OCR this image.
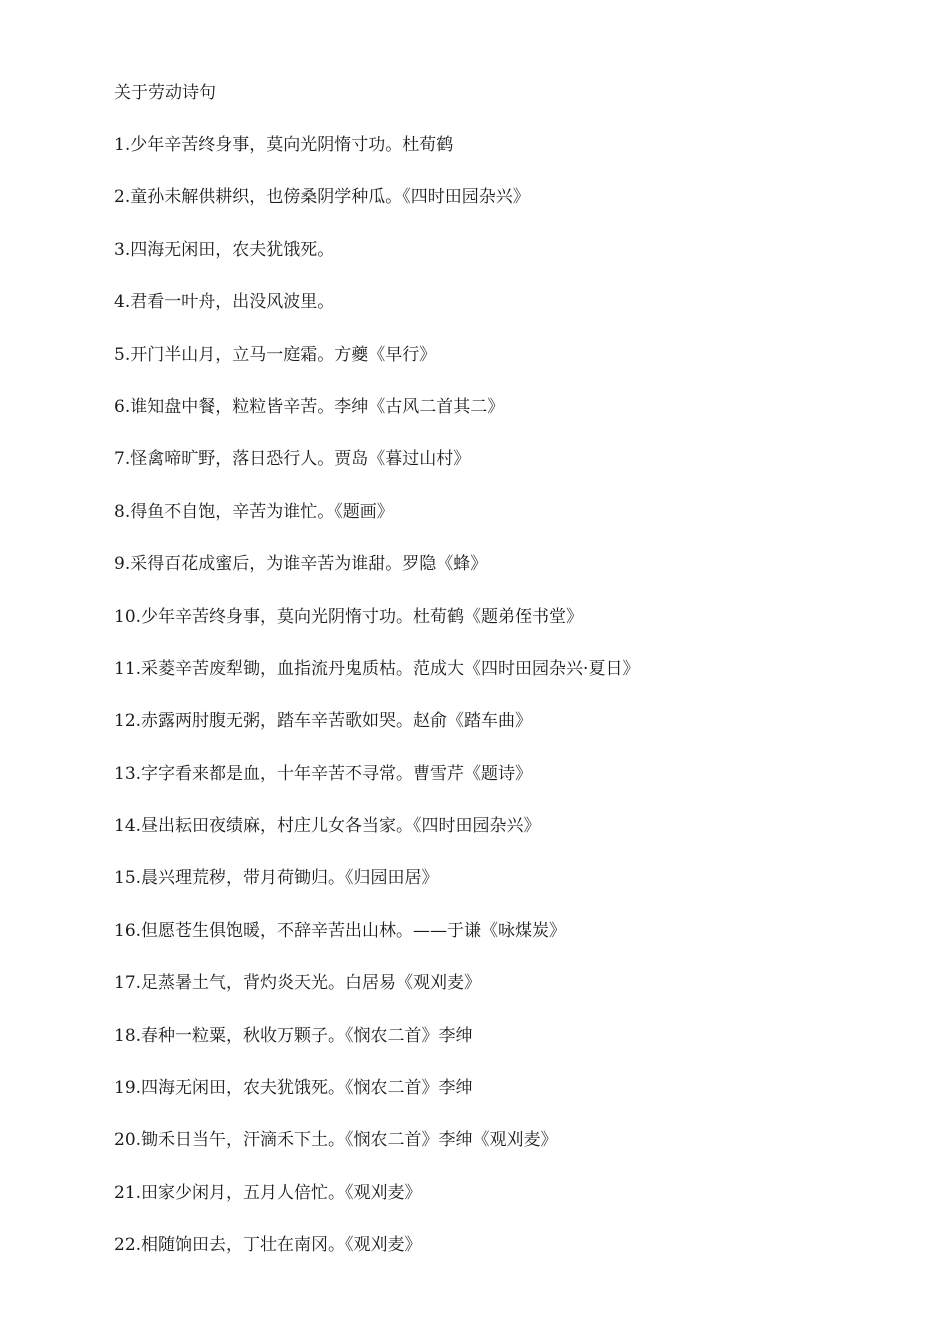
关于劳动诗句
1.少年辛苦终身事，莫向光阴惰寸功。杜荀鹤
2.童孙未解供耕织，也傍桑阴学种瓜。《四时田园杂兴》
3.四海无闲田，农夫犹饿死。
4.君看一叶舟，出没风波里。
5.开门半山月，立马一庭霜。方夔《早行》
6.谁知盘中餐，粒粒皆辛苦。李绅《古风二首其二》
7.怪禽啼旷野，落日恐行人。贾岛《暮过山村》
8.得鱼不自饱，辛苦为谁忙。《题画》
9.采得百花成蜜后，为谁辛苦为谁甜。罗隐《蜂》
10.少年辛苦终身事，莫向光阴惰寸功。杜荀鹤《题弟侄书堂》
11.采菱辛苦废犁锄，血指流丹鬼质枯。范成大《四时田园杂兴·夏日》
12.赤露两肘腹无粥，踏车辛苦歌如哭。赵俞《踏车曲》
13.字字看来都是血，十年辛苦不寻常。曹雪芹《题诗》
14.昼出耘田夜绩麻，村庄儿女各当家。《四时田园杂兴》
15.晨兴理荒秽，带月荷锄归。《归园田居》
16.但愿苍生俱饱暖，不辞辛苦出山林。——于谦《咏煤炭》
17.足蒸暑土气，背灼炎天光。白居易《观刈麦》
18.春种一粒粟，秋收万颗子。《悯农二首》李绅
19.四海无闲田，农夫犹饿死。《悯农二首》李绅
20.锄禾日当午，汗滴禾下土。《悯农二首》李绅《观刈麦》
21.田家少闲月，五月人倍忙。《观刈麦》
22.相随饷田去，丁壮在南冈。《观刈麦》
